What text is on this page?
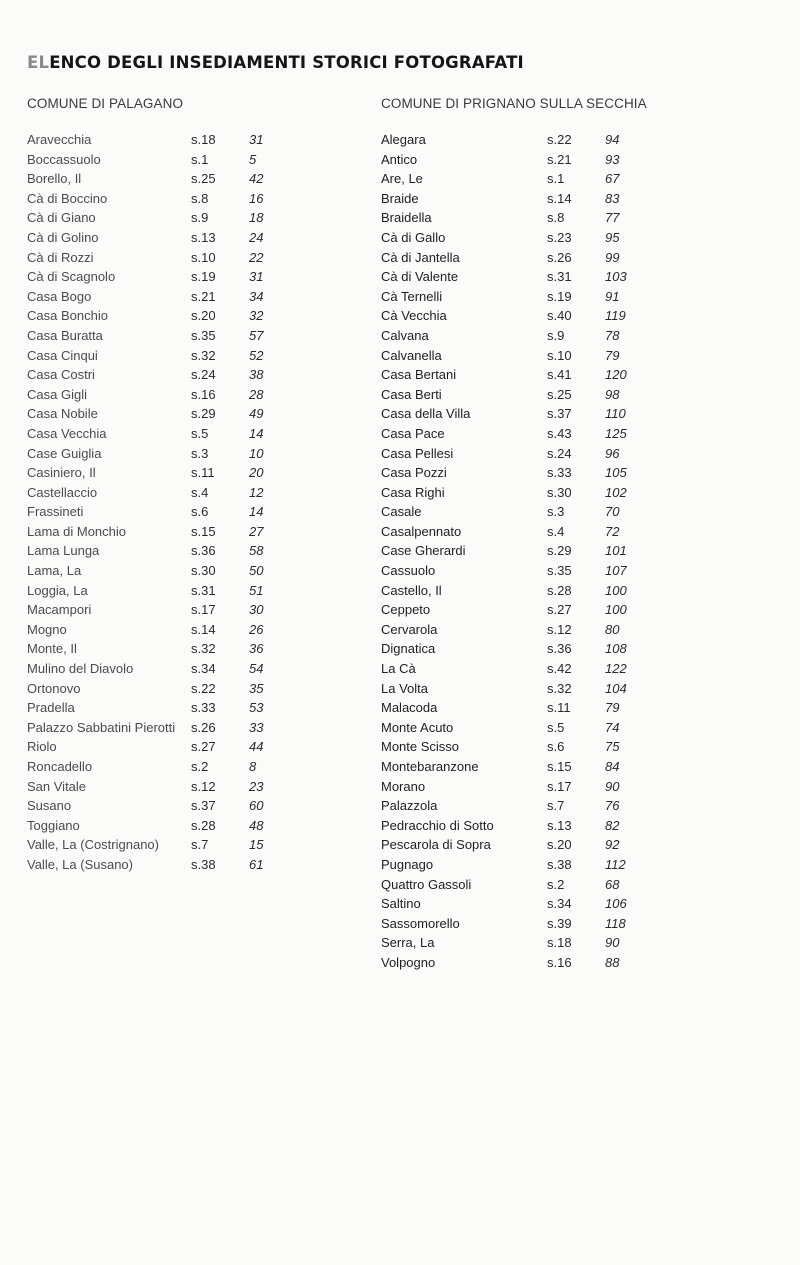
ELENCO DEGLI INSEDIAMENTI STORICI FOTOGRAFATI
COMUNE DI PALAGANO
Aravecchia	s.18	31
Boccassuolo	s.1	5
Borello, Il	s.25	42
Cà di Boccino	s.8	16
Cà di Giano	s.9	18
Cà di Golino	s.13	24
Cà di Rozzi	s.10	22
Cà di Scagnolo	s.19	31
Casa Bogo	s.21	34
Casa Bonchio	s.20	32
Casa Buratta	s.35	57
Casa Cinqui	s.32	52
Casa Costri	s.24	38
Casa Gigli	s.16	28
Casa Nobile	s.29	49
Casa Vecchia	s.5	14
Case Guiglia	s.3	10
Casiniero, Il	s.11	20
Castellaccio	s.4	12
Frassineti	s.6	14
Lama di Monchio	s.15	27
Lama Lunga	s.36	58
Lama, La	s.30	50
Loggia, La	s.31	51
Macampori	s.17	30
Mogno	s.14	26
Monte, Il	s.32	36
Mulino del Diavolo	s.34	54
Ortonovo	s.22	35
Pradella	s.33	53
Palazzo Sabbatini Pierotti s.26	33
Riolo	s.27	44
Roncadello	s.2	8
San Vitale	s.12	23
Susano	s.37	60
Toggiano	s.28	48
Valle, La (Costrignano) s.7	15
Valle, La (Susano)	s.38	61
COMUNE DI PRIGNANO SULLA SECCHIA
Alegara	s.22	94
Antico	s.21	93
Are, Le	s.1	67
Braide	s.14	83
Braidella	s.8	77
Cà di Gallo	s.23	95
Cà di Jantella	s.26	99
Cà di Valente	s.31	103
Cà Ternelli	s.19	91
Cà Vecchia	s.40	119
Calvana	s.9	78
Calvanella	s.10	79
Casa Bertani	s.41	120
Casa Berti	s.25	98
Casa della Villa	s.37	110
Casa Pace	s.43	125
Casa Pellesi	s.24	96
Casa Pozzi	s.33	105
Casa Righi	s.30	102
Casale	s.3	70
Casalpennato	s.4	72
Case Gherardi	s.29	101
Cassuolo	s.35	107
Castello, Il	s.28	100
Ceppeto	s.27	100
Cervarola	s.12	80
Dignatica	s.36	108
La Cà	s.42	122
La Volta	s.32	104
Malacoda	s.11	79
Monte Acuto	s.5	74
Monte Scisso	s.6	75
Montebaranzone	s.15	84
Morano	s.17	90
Palazzola	s.7	76
Pedracchio di Sotto	s.13	82
Pescarola di Sopra	s.20	92
Pugnago	s.38	112
Quattro Gassoli	s.2	68
Saltino	s.34	106
Sassomorello	s.39	118
Serra, La	s.18	90
Volpogno	s.16	88
